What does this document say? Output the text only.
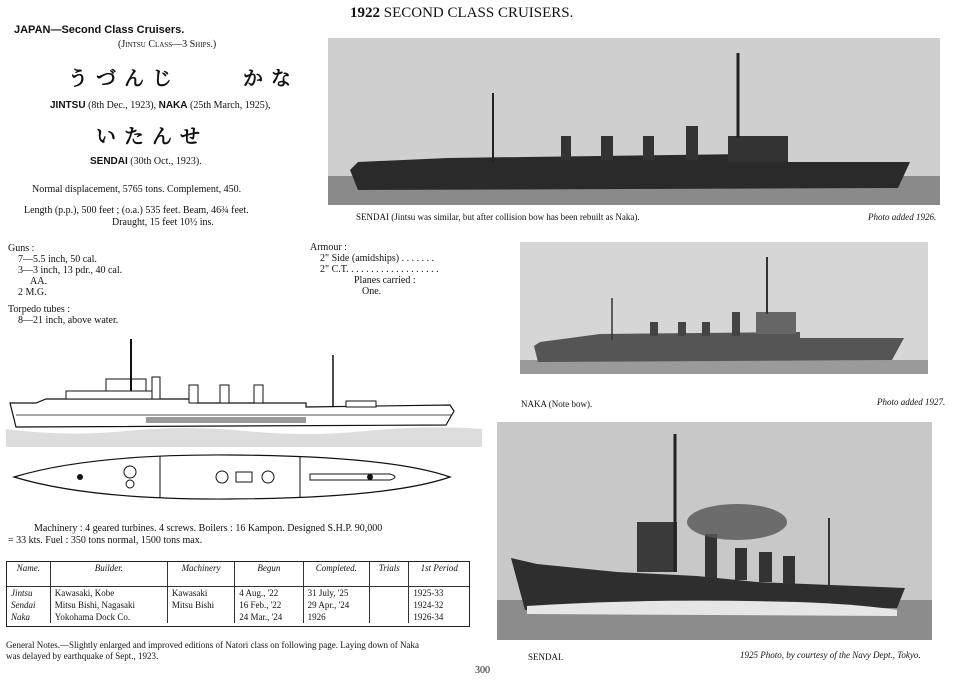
1922 SECOND CLASS CRUISERS.
JAPAN—Second Class Cruisers.
(Jintsu Class—3 Ships.)
うづんじ	かな
JINTSU (8th Dec., 1923), NAKA (25th March, 1925),
いたんせ
SENDAI (30th Oct., 1923).
Normal displacement, 5765 tons. Complement, 450.
Length (p.p.), 500 feet ; (o.a.) 535 feet. Beam, 46¾ feet.
Draught, 15 feet 10½ ins.
Guns :
7—5.5 inch, 50 cal.
3—3 inch, 13 pdr., 40 cal.
AA.
2 M.G.
Armour :
2" Side (amidships) . . . . . . .
2" C.T. . . . . . . . . . . . . . . . . . .
Planes carried :
One.
Torpedo tubes :
8—21 inch, above water.
Machinery : 4 geared turbines. 4 screws. Boilers : 16 Kampon. Designed S.H.P. 90,000
= 33 kts. Fuel : 350 tons normal, 1500 tons max.
Name.	Builder.	Machinery	Begun	Completed.	Trials	1st Period
Jintsu	Kawasaki, Kobe	Kawasaki	4 Aug., '22	31 July, '25		1925-33
Sendai	Mitsu Bishi, Nagasaki	Mitsu Bishi	16 Feb., '22	29 Apr., '24		1924-32
Naka	Yokohama Dock Co.		24 Mar., '24	1926		1926-34
General Notes.—Slightly enlarged and improved editions of Natori class on following page. Laying down of Naka
was delayed by earthquake of Sept., 1923.
300
SENDAI (Jintsu was similar, but after collision bow has been rebuilt as Naka).	Photo added 1926.
NAKA (Note bow).	Photo added 1927.
SENDAI.	1925 Photo, by courtesy of the Navy Dept., Tokyo.
